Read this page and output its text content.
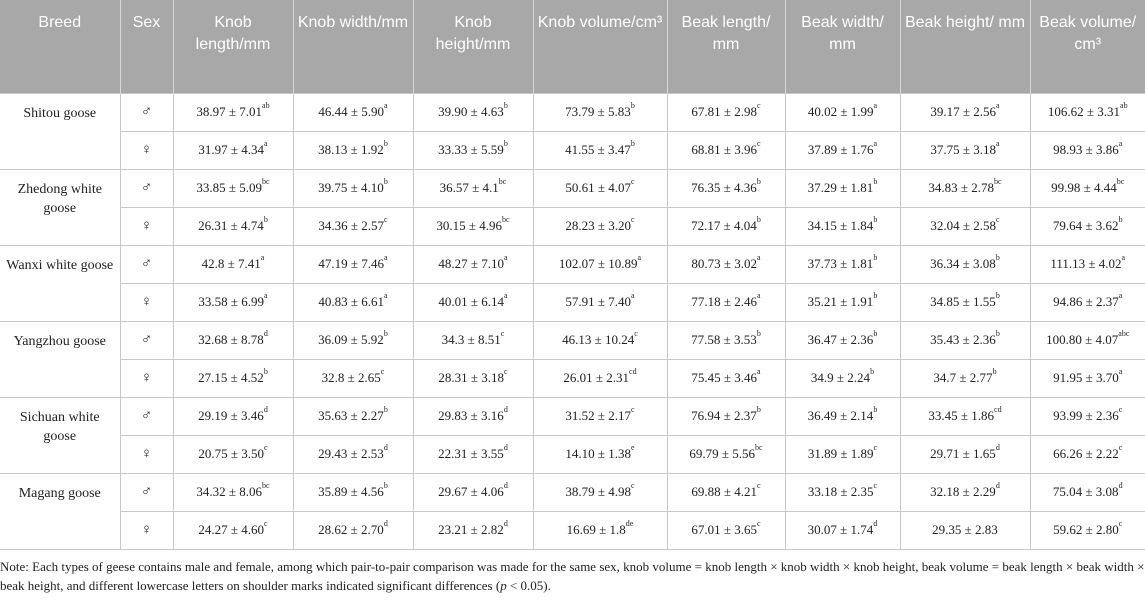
Breed	Sex	Knob length/mm	Knob width/mm	Knob height/mm	Knob volume/cm³	Beak length/ mm	Beak width/ mm	Beak height/ mm	Beak volume/ cm³
Shitou goose	♂	38.97 ± 7.01$^{ab}$	46.44 ± 5.90$^a$	39.90 ± 4.63$^b$	73.79 ± 5.83$^b$	67.81 ± 2.98$^c$	40.02 ± 1.99$^a$	39.17 ± 2.56$^a$	106.62 ± 3.31$^{ab}$
	♀	31.97 ± 4.34$^a$	38.13 ± 1.92$^b$	33.33 ± 5.59$^b$	41.55 ± 3.47$^b$	68.81 ± 3.96$^c$	37.89 ± 1.76$^a$	37.75 ± 3.18$^a$	98.93 ± 3.86$^a$
Zhedong white goose	♂	33.85 ± 5.09$^{bc}$	39.75 ± 4.10$^b$	36.57 ± 4.1$^{bc}$	50.61 ± 4.07$^c$	76.35 ± 4.36$^b$	37.29 ± 1.81$^b$	34.83 ± 2.78$^{bc}$	99.98 ± 4.44$^{bc}$
	♀	26.31 ± 4.74$^b$	34.36 ± 2.57$^c$	30.15 ± 4.96$^{bc}$	28.23 ± 3.20$^c$	72.17 ± 4.04$^b$	34.15 ± 1.84$^b$	32.04 ± 2.58$^c$	79.64 ± 3.62$^b$
Wanxi white goose	♂	42.8 ± 7.41$^a$	47.19 ± 7.46$^a$	48.27 ± 7.10$^a$	102.07 ± 10.89$^a$	80.73 ± 3.02$^a$	37.73 ± 1.81$^b$	36.34 ± 3.08$^b$	111.13 ± 4.02$^a$
	♀	33.58 ± 6.99$^a$	40.83 ± 6.61$^a$	40.01 ± 6.14$^a$	57.91 ± 7.40$^a$	77.18 ± 2.46$^a$	35.21 ± 1.91$^b$	34.85 ± 1.55$^b$	94.86 ± 2.37$^a$
Yangzhou goose	♂	32.68 ± 8.78$^d$	36.09 ± 5.92$^b$	34.3 ± 8.51$^c$	46.13 ± 10.24$^c$	77.58 ± 3.53$^b$	36.47 ± 2.36$^b$	35.43 ± 2.36$^b$	100.80 ± 4.07$^{abc}$
	♀	27.15 ± 4.52$^b$	32.8 ± 2.65$^c$	28.31 ± 3.18$^c$	26.01 ± 2.31$^{cd}$	75.45 ± 3.46$^a$	34.9 ± 2.24$^b$	34.7 ± 2.77$^b$	91.95 ± 3.70$^a$
Sichuan white goose	♂	29.19 ± 3.46$^d$	35.63 ± 2.27$^b$	29.83 ± 3.16$^d$	31.52 ± 2.17$^c$	76.94 ± 2.37$^b$	36.49 ± 2.14$^b$	33.45 ± 1.86$^{cd}$	93.99 ± 2.36$^c$
	♀	20.75 ± 3.50$^c$	29.43 ± 2.53$^d$	22.31 ± 3.55$^d$	14.10 ± 1.38$^e$	69.79 ± 5.56$^{bc}$	31.89 ± 1.89$^c$	29.71 ± 1.65$^d$	66.26 ± 2.22$^c$
Magang goose	♂	34.32 ± 8.06$^{bc}$	35.89 ± 4.56$^b$	29.67 ± 4.06$^d$	38.79 ± 4.98$^c$	69.88 ± 4.21$^c$	33.18 ± 2.35$^c$	32.18 ± 2.29$^d$	75.04 ± 3.08$^d$
	♀	24.27 ± 4.60$^c$	28.62 ± 2.70$^d$	23.21 ± 2.82$^d$	16.69 ± 1.8de	67.01 ± 3.65$^c$	30.07 ± 1.74$^d$	29.35 ± 2.83	59.62 ± 2.80$^c$
Note: Each types of geese contains male and female, among which pair-to-pair comparison was made for the same sex, knob volume = knob length × knob width × knob height, beak volume = beak length × beak width × beak height, and different lowercase letters on shoulder marks indicated significant differences (p < 0.05).
